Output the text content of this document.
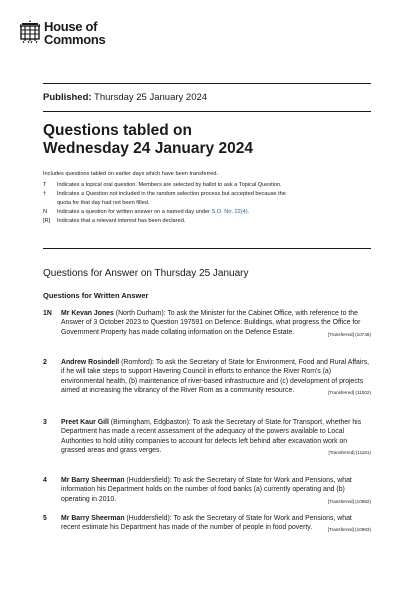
House of
Commons
Published: Thursday 25 January 2024
Questions tabled on
Wednesday 24 January 2024
Includes questions tabled on earlier days which have been transferred.
T	Indicates a topical oral question. Members are selected by ballot to ask a Topical Question.
†	Indicates a Question not included in the random selection process but accepted because the quota for that day had not been filled.
N	Indicates a question for written answer on a named day under S.O. No. 22(4).
[R]	Indicates that a relevant interest has been declared.
Questions for Answer on Thursday 25 January
Questions for Written Answer
1N	Mr Kevan Jones (North Durham): To ask the Minister for the Cabinet Office, with reference to the Answer of 3 October 2023 to Question 197591 on Defence: Buildings, what progress the Office for Government Property has made collating information on the Defence Estate.	[Transferred] (10749)
2	Andrew Rosindell (Romford): To ask the Secretary of State for Environment, Food and Rural Affairs, if he will take steps to support Havering Council in efforts to enhance the River Rom's (a) environmental health, (b) maintenance of river-based infrastructure and (c) development of projects aimed at increasing the vibrancy of the River Rom as a community resource.	[Transferred] (11002)
3	Preet Kaur Gill (Birmingham, Edgbaston): To ask the Secretary of State for Transport, whether his Department has made a recent assessment of the adequacy of the powers available to Local Authorities to hold utility companies to account for defects left behind after excavation work on grassed areas and grass verges.	[Transferred] (11161)
4	Mr Barry Sheerman (Huddersfield): To ask the Secretary of State for Work and Pensions, what information his Department holds on the number of food banks (a) currently operating and (b) operating in 2010.	[Transferred] (10982)
5	Mr Barry Sheerman (Huddersfield): To ask the Secretary of State for Work and Pensions, what recent estimate his Department has made of the number of people in food poverty.	[Transferred] (10983)
